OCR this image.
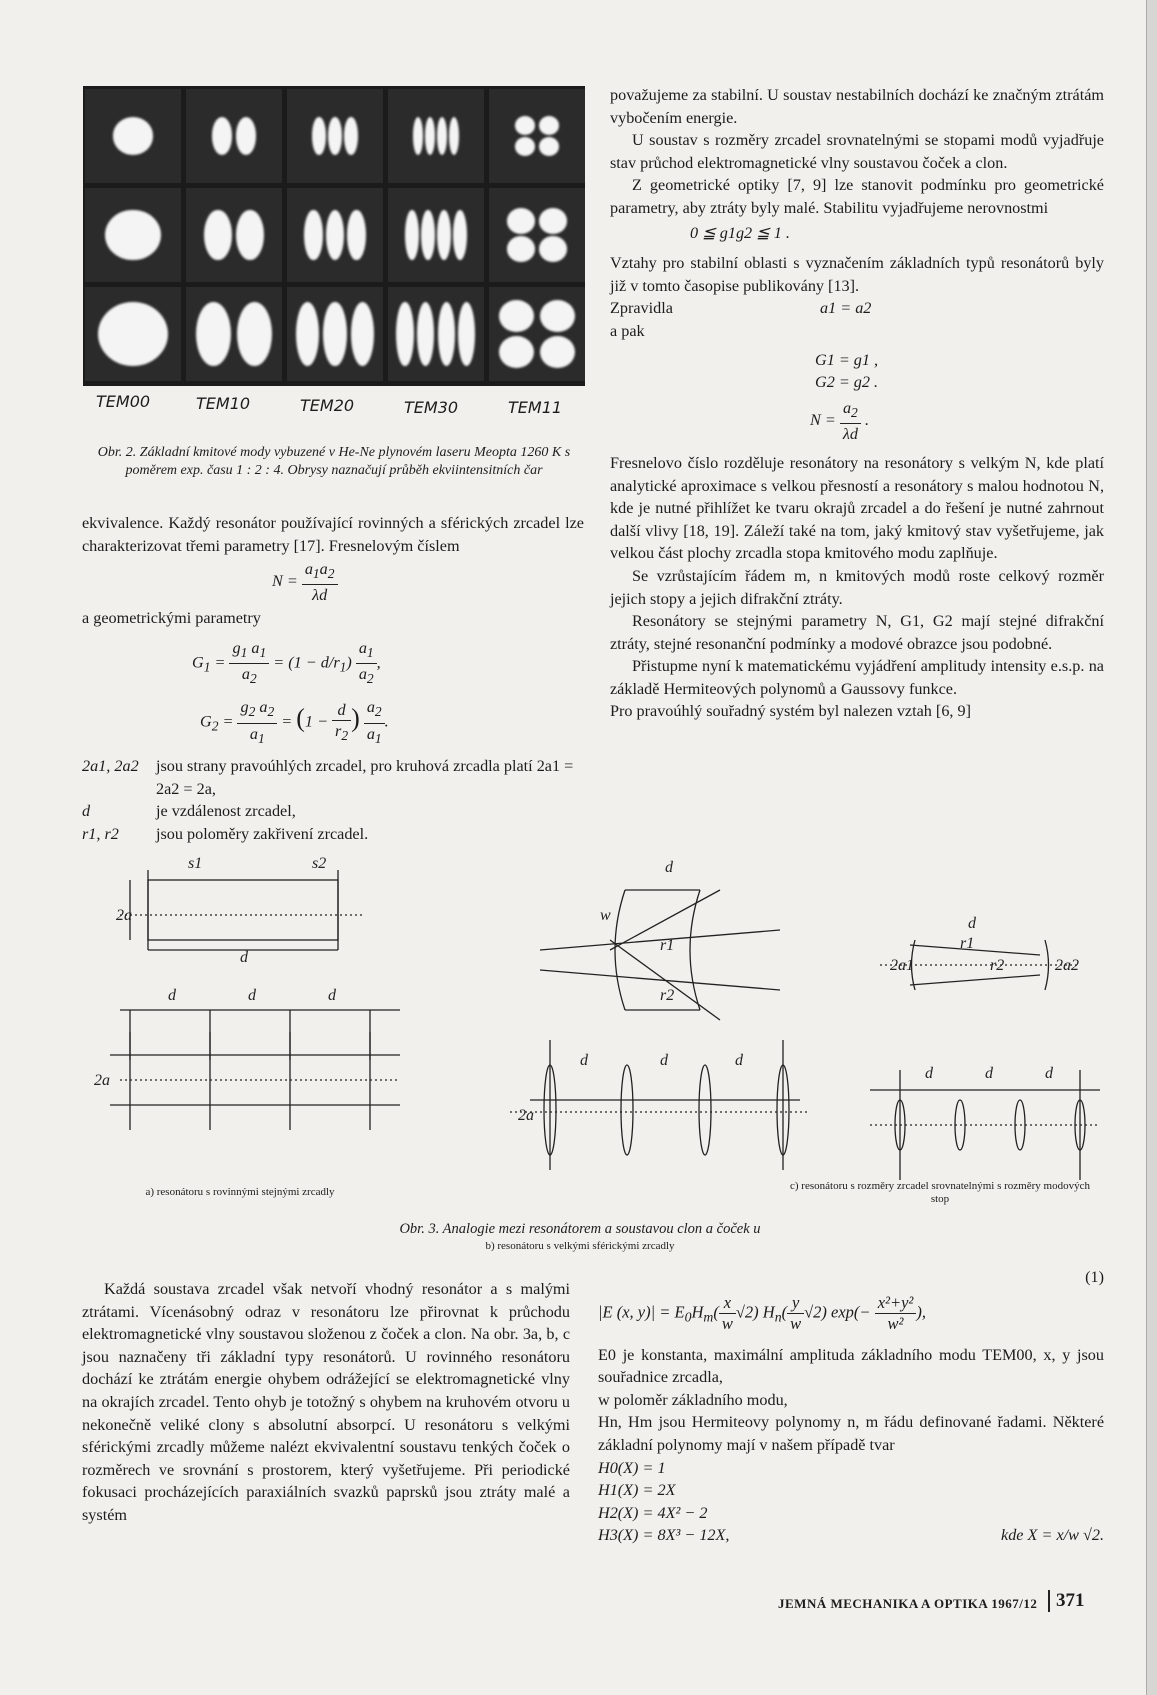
TEM00	TEM10	TEM20	TEM30	TEM11
Obr. 2. Základní kmitové mody vybuzené v He-Ne plynovém laseru Meopta 1260 K s poměrem exp. času 1 : 2 : 4. Obrysy naznačují průběh ekviintensitních čar

ekvivalence. Každý resonátor používající rovinných a sférických zrcadel lze charakterizovat třemi parametry [17]. Fresnelovým číslem

$N = \frac{a_1a_2}{\lambda d}$

a geometrickými parametry

$G_1 = \frac{g_1 a_1}{a_2} = (1 - d/r_1) \frac{a_1}{a_2}$ ,
$G_2 = \frac{g_2 a_2}{a_1} = (1 - \frac{d}{r_2}$ ) $\frac{a_2}{a_1}$ .
2a1, 2a2	jsou strany pravoúhlých zrcadel, pro kruhová zrcadla platí 2a1 = 2a2 = 2a,
d	je vzdálenost zrcadel,
r1, r2	jsou poloměry zakřivení zrcadel.

považujeme za stabilní. U soustav nestabilních dochází ke značným ztrátám vybočením energie.

U soustav s rozměry zrcadel srovnatelnými se stopami modů vyjadřuje stav průchod elektromagnetické vlny soustavou čoček a clon.

Z geometrické optiky [7, 9] lze stanovit podmínku pro geometrické parametry, aby ztráty byly malé. Stabilitu vyjadřujeme nerovnostmi

0 ≦ g1g2 ≦ 1 .

Vztahy pro stabilní oblasti s vyznačením základních typů resonátorů byly již v tomto časopise publikovány [13].

Zpravidla	a1 = a2

a pak

G1 = g1 ,
G2 = g2 .
$N = \frac{a_2}{\lambda d}$ .

Fresnelovo číslo rozděluje resonátory na resonátory s velkým N, kde platí analytické aproximace s velkou přesností a resonátory s malou hodnotou N, kde je nutné přihlížet ke tvaru okrajů zrcadel a do řešení je nutné zahrnout další vlivy [18, 19]. Záleží také na tom, jaký kmitový stav vyšetřujeme, jak velkou část plochy zrcadla stopa kmitového modu zaplňuje.

Se vzrůstajícím řádem m, n kmitových modů roste celkový rozměr jejich stopy a jejich difrakční ztráty.

Resonátory se stejnými parametry N, G1, G2 mají stejné difrakční ztráty, stejné resonanční podmínky a modové obrazce jsou podobné.

Přistupme nyní k matematickému vyjádření amplitudy intensity e.s.p. na základě Hermiteových polynomů a Gaussovy funkce.

Pro pravoúhlý souřadný systém byl nalezen vztah [6, 9]

s1	s2
2a
d
d	d	d
2a
d
r1
r2
w
d	d	d
2a
d
r1
r2
2a1	2a2
d	d	d
a) resonátoru s rovinnými stejnými zrcadly	c) resonátoru s rozměry zrcadel srovnatelnými s rozměry modových stop
Obr. 3. Analogie mezi resonátorem a soustavou clon a čoček u
b) resonátoru s velkými sférickými zrcadly

Každá soustava zrcadel však netvoří vhodný resonátor a s malými ztrátami. Vícenásobný odraz v resonátoru lze přirovnat k průchodu elektromagnetické vlny soustavou složenou z čoček a clon. Na obr. 3a, b, c jsou naznačeny tři základní typy resonátorů. U rovinného resonátoru dochází ke ztrátám energie ohybem odrážející se elektromagnetické vlny na okrajích zrcadel. Tento ohyb je totožný s ohybem na kruhovém otvoru u nekonečně veliké clony s absolutní absorpcí. U resonátoru s velkými sférickými zrcadly můžeme nalézt ekvivalentní soustavu tenkých čoček o rozměrech ve srovnání s prostorem, který vyšetřujeme. Při periodické fokusaci procházejících paraxiálních svazků paprsků jsou ztráty malé a systém

(1)
|E (x, $y)| = E_0H_m( \frac{x}{w} √2)$ $H_n( \frac{y}{w} √2)$ $\exp(- \frac{\text{x²+y²}}{\text{w²}}$ ),

E0 je konstanta, maximální amplituda základního modu TEM00, x, y jsou souřadnice zrcadla,

w poloměr základního modu,

Hn, Hm jsou Hermiteovy polynomy n, m řádu definované řadami. Některé základní polynomy mají v našem případě tvar

H0(X) = 1

H1(X) = 2X

H2(X) = 4X² − 2

H3(X) = 8X³ − 12X,	kde X = x/w √2.
JEMNÁ MECHANIKA A OPTIKA 1967/12 371
